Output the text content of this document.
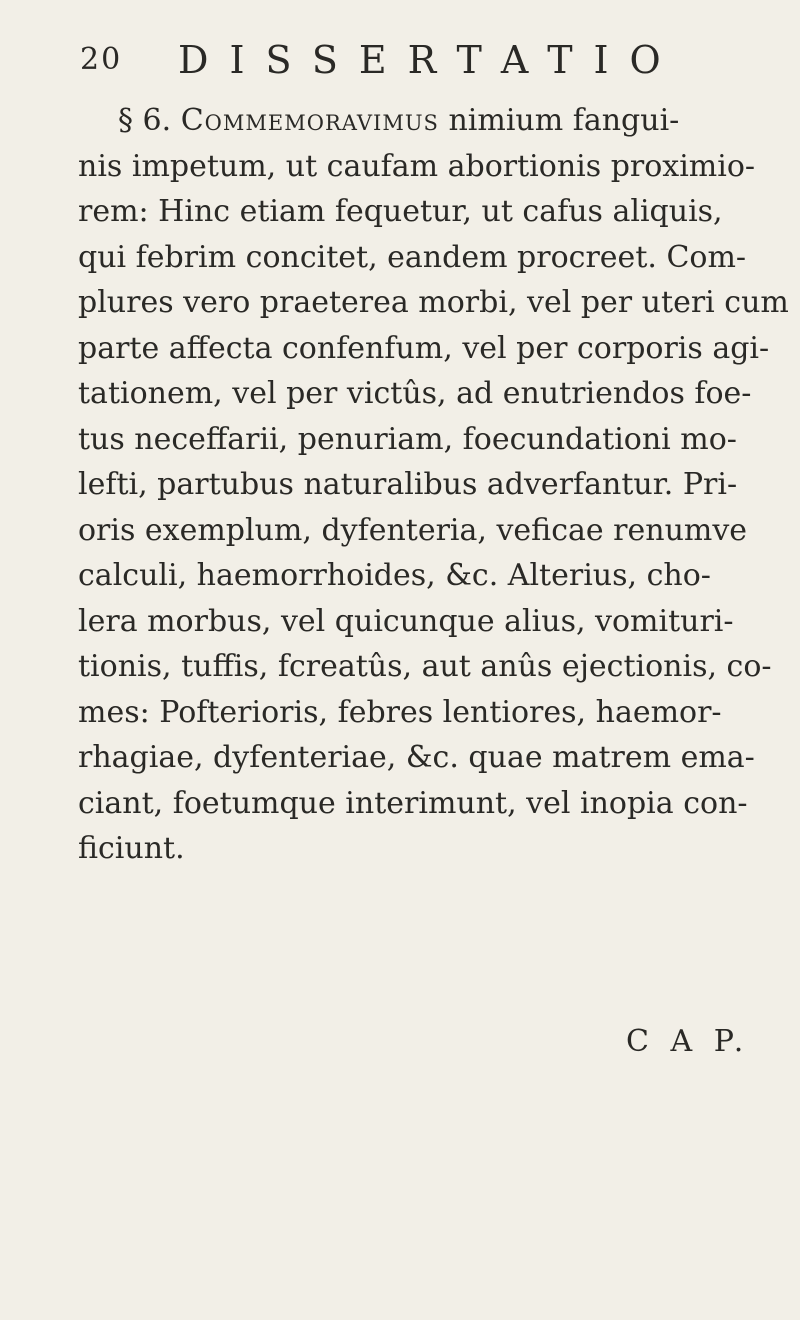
20 DISSERTATIO

§ 6. Commemoravimus nimium fangui-
nis impetum, ut caufam abortionis proximio-
rem: Hinc etiam fequetur, ut cafus aliquis,
qui febrim concitet, eandem procreet. Com-
plures vero praeterea morbi, vel per uteri cum
parte affecta confenfum, vel per corporis agi-
tationem, vel per victûs, ad enutriendos foe-
tus neceffarii, penuriam, foecundationi mo-
lefti, partubus naturalibus adverfantur. Pri-
oris exemplum, dyfenteria, veficae renumve
calculi, haemorrhoides, &c. Alterius, cho-
lera morbus, vel quicunque alius, vomituri-
tionis, tuffis, fcreatûs, aut anûs ejectionis, co-
mes: Pofterioris, febres lentiores, haemor-
rhagiae, dyfenteriae, &c. quae matrem ema-
ciant, foetumque interimunt, vel inopia con-
ficiunt.

C A P.
